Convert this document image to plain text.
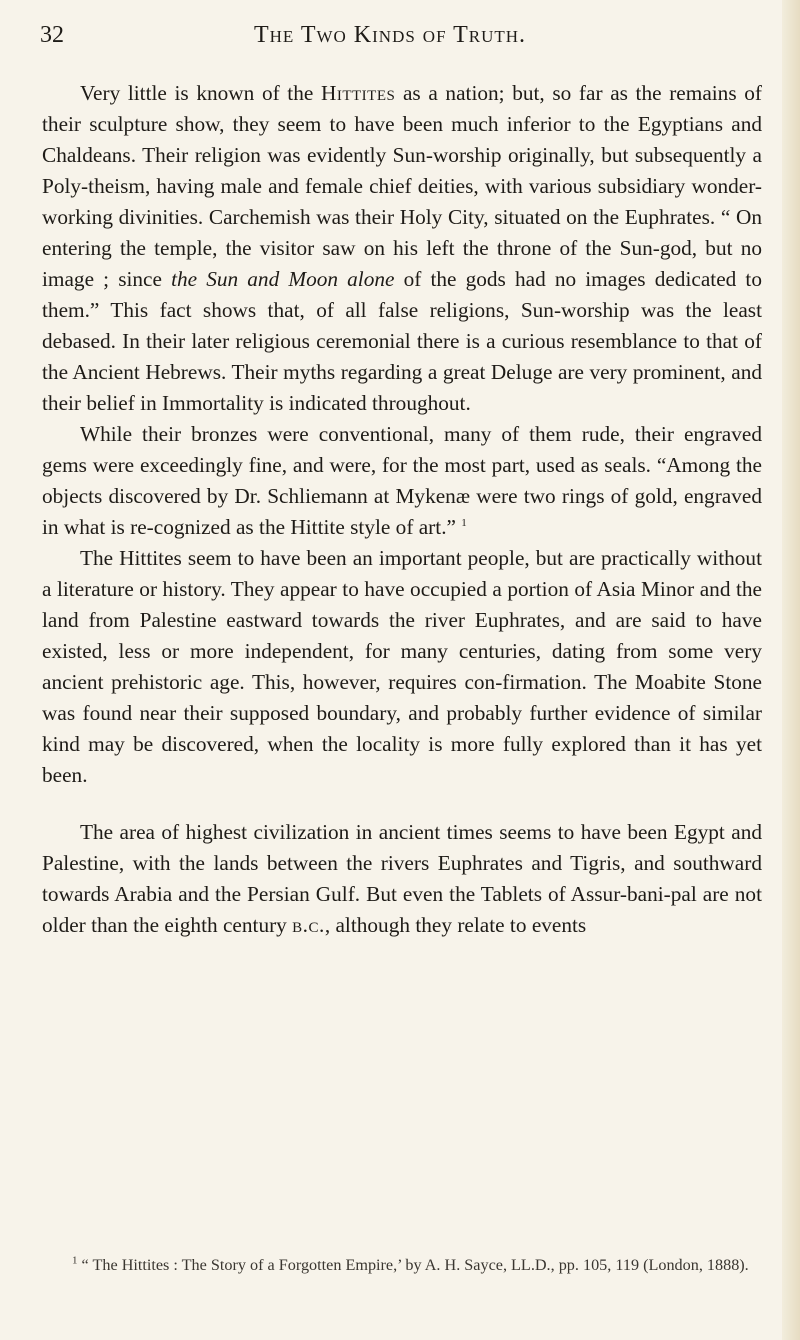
32	The Two Kinds of Truth.

Very little is known of the Hittites as a nation; but, so far as the remains of their sculpture show, they seem to have been much inferior to the Egyptians and Chaldeans. Their religion was evidently Sun-worship originally, but subsequently a Poly-theism, having male and female chief deities, with various subsidiary wonder-working divinities. Carchemish was their Holy City, situated on the Euphrates. “ On entering the temple, the visitor saw on his left the throne of the Sun-god, but no image ; since the Sun and Moon alone of the gods had no images dedicated to them.” This fact shows that, of all false religions, Sun-worship was the least debased. In their later religious ceremonial there is a curious resemblance to that of the Ancient Hebrews. Their myths regarding a great Deluge are very prominent, and their belief in Immortality is indicated throughout.

While their bronzes were conventional, many of them rude, their engraved gems were exceedingly fine, and were, for the most part, used as seals. “Among the objects discovered by Dr. Schliemann at Mykenæ were two rings of gold, engraved in what is re-cognized as the Hittite style of art.” $^1$

The Hittites seem to have been an important people, but are practically without a literature or history. They appear to have occupied a portion of Asia Minor and the land from Palestine eastward towards the river Euphrates, and are said to have existed, less or more independent, for many centuries, dating from some very ancient prehistoric age. This, however, requires con-firmation. The Moabite Stone was found near their supposed boundary, and probably further evidence of similar kind may be discovered, when the locality is more fully explored than it has yet been.

The area of highest civilization in ancient times seems to have been Egypt and Palestine, with the lands between the rivers Euphrates and Tigris, and southward towards Arabia and the Persian Gulf. But even the Tablets of Assur-bani-pal are not older than the eighth century b.c., although they relate to events

$^1$ “ The Hittites : The Story of a Forgotten Empire,’ by A. H. Sayce, LL.D., pp. 105, 119 (London, 1888).
